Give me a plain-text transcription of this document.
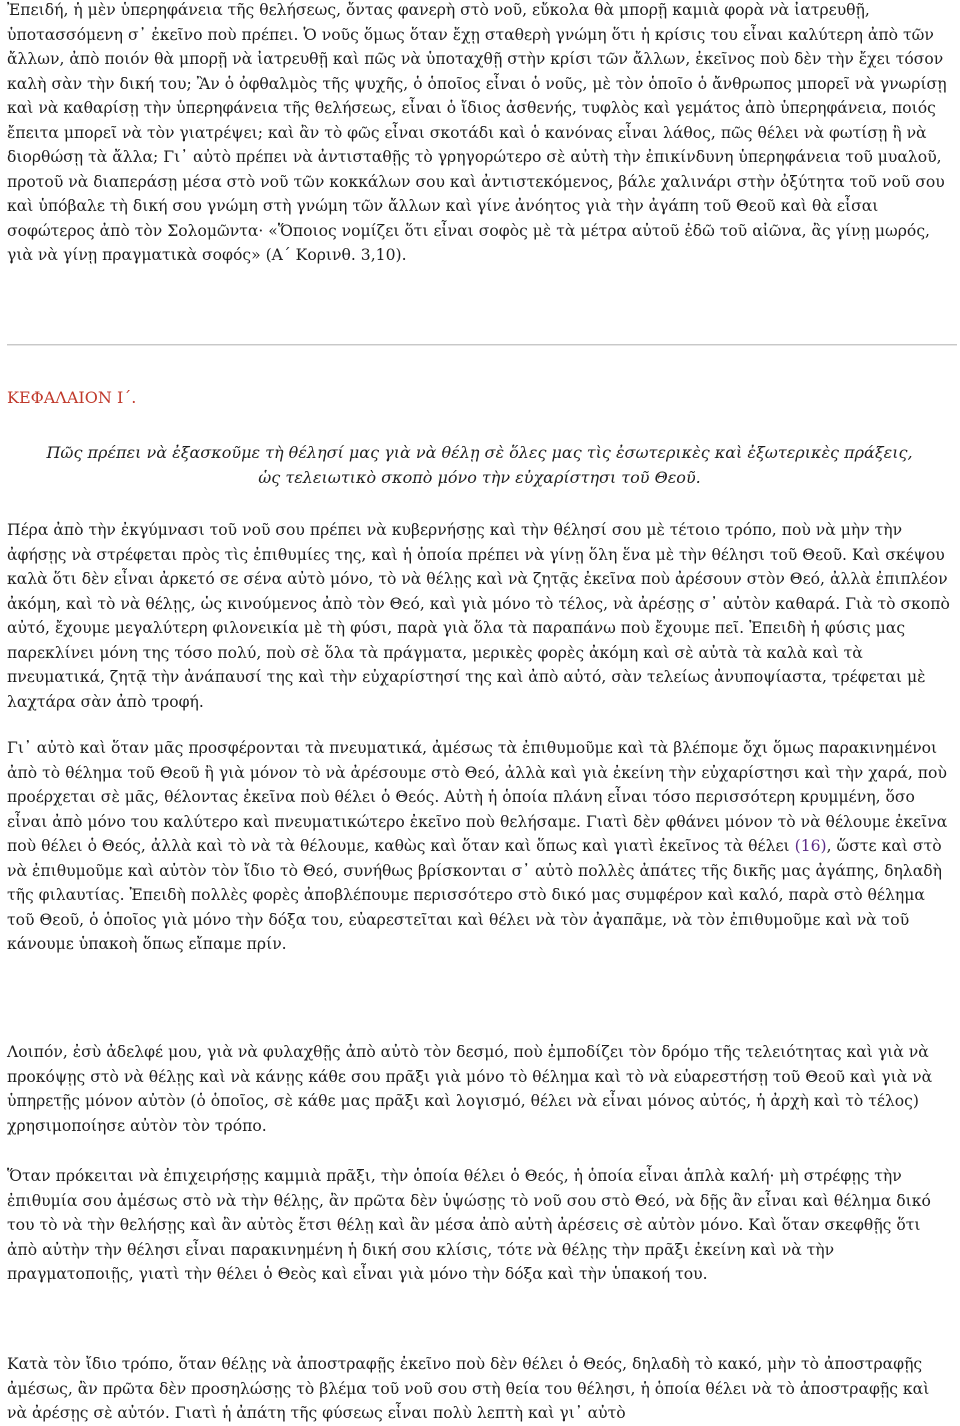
Ἐπειδή, ἡ μὲν ὑπερηφάνεια τῆς θελήσεως, ὄντας φανερὴ στὸ νοῦ, εὔκολα θὰ μπορῇ καμιὰ φορὰ νὰ ἰατρευθῇ, ὑποτασσόμενη σ᾽ ἐκεῖνο ποὺ πρέπει. Ὁ νοῦς ὅμως ὅταν ἔχῃ σταθερὴ γνώμη ὅτι ἡ κρίσις του εἶναι καλύτερη ἀπὸ τῶν ἄλλων, ἀπὸ ποιόν θὰ μπορῇ νὰ ἰατρευθῇ καὶ πῶς νὰ ὑποταχθῇ στὴν κρίσι τῶν ἄλλων, ἐκεῖνος ποὺ δὲν τὴν ἔχει τόσον καλὴ σὰν τὴν δική του; Ἂν ὁ ὀφθαλμὸς τῆς ψυχῆς, ὁ ὁποῖος εἶναι ὁ νοῦς, μὲ τὸν ὁποῖο ὁ ἄνθρωπος μπορεῖ νὰ γνωρίσῃ καὶ νὰ καθαρίσῃ τὴν ὑπερηφάνεια τῆς θελήσεως, εἶναι ὁ ἴδιος ἀσθενής, τυφλὸς καὶ γεμάτος ἀπὸ ὑπερηφάνεια, ποιός ἔπειτα μπορεῖ νὰ τὸν γιατρέψει; καὶ ἂν τὸ φῶς εἶναι σκοτάδι καὶ ὁ κανόνας εἶναι λάθος, πῶς θέλει νὰ φωτίσῃ ἢ νὰ διορθώσῃ τὰ ἄλλα; Γι᾽ αὐτὸ πρέπει νὰ ἀντισταθῇς τὸ γρηγορώτερο σὲ αὐτὴ τὴν ἐπικίνδυνη ὑπερηφάνεια τοῦ μυαλοῦ, προτοῦ νὰ διαπεράσῃ μέσα στὸ νοῦ τῶν κοκκάλων σου καὶ ἀντιστεκόμενος, βάλε χαλινάρι στὴν ὀξύτητα τοῦ νοῦ σου καὶ ὑπόβαλε τὴ δική σου γνώμη στὴ γνώμη τῶν ἄλλων καὶ γίνε ἀνόητος γιὰ τὴν ἀγάπη τοῦ Θεοῦ καὶ θὰ εἶσαι σοφώτερος ἀπὸ τὸν Σολομῶντα· «Ὅποιος νομίζει ὅτι εἶναι σοφὸς μὲ τὰ μέτρα αὐτοῦ ἐδῶ τοῦ αἰῶνα, ἂς γίνῃ μωρός, γιὰ νὰ γίνῃ πραγματικὰ σοφός» (Α΄ Κορινθ. 3,10).

ΚΕΦΑΛΑΙΟΝ Ι΄.

Πῶς πρέπει νὰ ἐξασκοῦμε τὴ θέλησί μας γιὰ νὰ θέλῃ σὲ ὅλες μας τὶς ἐσωτερικὲς καὶ ἐξωτερικὲς πράξεις,
ὡς τελειωτικὸ σκοπὸ μόνο τὴν εὐχαρίστησι τοῦ Θεοῦ.

Πέρα ἀπὸ τὴν ἐκγύμνασι τοῦ νοῦ σου πρέπει νὰ κυβερνήσῃς καὶ τὴν θέλησί σου μὲ τέτοιο τρόπο, ποὺ νὰ μὴν τὴν ἀφήσῃς νὰ στρέφεται πρὸς τὶς ἐπιθυμίες της, καὶ ἡ ὁποία πρέπει νὰ γίνῃ ὅλη ἕνα μὲ τὴν θέλησι τοῦ Θεοῦ. Καὶ σκέψου καλὰ ὅτι δὲν εἶναι ἀρκετό σε σένα αὐτὸ μόνο, τὸ νὰ θέλῃς καὶ νὰ ζητᾷς ἐκεῖνα ποὺ ἀρέσουν στὸν Θεό, ἀλλὰ ἐπιπλέον ἀκόμη, καὶ τὸ νὰ θέλῃς, ὡς κινούμενος ἀπὸ τὸν Θεό, καὶ γιὰ μόνο τὸ τέλος, νὰ ἀρέσῃς σ᾽ αὐτὸν καθαρά. Γιὰ τὸ σκοπὸ αὐτό, ἔχουμε μεγαλύτερη φιλονεικία μὲ τὴ φύσι, παρὰ γιὰ ὅλα τὰ παραπάνω ποὺ ἔχουμε πεῖ. Ἐπειδὴ ἡ φύσις μας παρεκλίνει μόνη της τόσο πολύ, ποὺ σὲ ὅλα τὰ πράγματα, μερικὲς φορὲς ἀκόμη καὶ σὲ αὐτὰ τὰ καλὰ καὶ τὰ πνευματικά, ζητᾷ τὴν ἀνάπαυσί της καὶ τὴν εὐχαρίστησί της καὶ ἀπὸ αὐτό, σὰν τελείως ἀνυποψίαστα, τρέφεται μὲ λαχτάρα σὰν ἀπὸ τροφή.

Γι᾽ αὐτὸ καὶ ὅταν μᾶς προσφέρονται τὰ πνευματικά, ἀμέσως τὰ ἐπιθυμοῦμε καὶ τὰ βλέπομε ὄχι ὅμως παρακινημένοι ἀπὸ τὸ θέλημα τοῦ Θεοῦ ἢ γιὰ μόνον τὸ νὰ ἀρέσουμε στὸ Θεό, ἀλλὰ καὶ γιὰ ἐκείνη τὴν εὐχαρίστησι καὶ τὴν χαρά, ποὺ προέρχεται σὲ μᾶς, θέλοντας ἐκεῖνα ποὺ θέλει ὁ Θεός. Αὐτὴ ἡ ὁποία πλάνη εἶναι τόσο περισσότερη κρυμμένη, ὅσο εἶναι ἀπὸ μόνο του καλύτερο καὶ πνευματικώτερο ἐκεῖνο ποὺ θελήσαμε. Γιατὶ δὲν φθάνει μόνον τὸ νὰ θέλουμε ἐκεῖνα ποὺ θέλει ὁ Θεός, ἀλλὰ καὶ τὸ νὰ τὰ θέλουμε, καθὼς καὶ ὅταν καὶ ὅπως καὶ γιατὶ ἐκεῖνος τὰ θέλει (16), ὥστε καὶ στὸ νὰ ἐπιθυμοῦμε καὶ αὐτὸν τὸν ἴδιο τὸ Θεό, συνήθως βρίσκονται σ᾽ αὐτὸ πολλὲς ἀπάτες τῆς δικῆς μας ἀγάπης, δηλαδὴ τῆς φιλαυτίας. Ἐπειδὴ πολλὲς φορὲς ἀποβλέπουμε περισσότερο στὸ δικό μας συμφέρον καὶ καλό, παρὰ στὸ θέλημα τοῦ Θεοῦ, ὁ ὁποῖος γιὰ μόνο τὴν δόξα του, εὐαρεστεῖται καὶ θέλει νὰ τὸν ἀγαπᾶμε, νὰ τὸν ἐπιθυμοῦμε καὶ νὰ τοῦ κάνουμε ὑπακοὴ ὅπως εἴπαμε πρίν.

Λοιπόν, ἐσὺ ἀδελφέ μου, γιὰ νὰ φυλαχθῇς ἀπὸ αὐτὸ τὸν δεσμό, ποὺ ἐμποδίζει τὸν δρόμο τῆς τελειότητας καὶ γιὰ νὰ προκόψῃς στὸ νὰ θέλῃς καὶ νὰ κάνῃς κάθε σου πρᾶξι γιὰ μόνο τὸ θέλημα καὶ τὸ νὰ εὐαρεστήσῃ τοῦ Θεοῦ καὶ γιὰ νὰ ὑπηρετῇς μόνον αὐτὸν (ὁ ὁποῖος, σὲ κάθε μας πρᾶξι καὶ λογισμό, θέλει νὰ εἶναι μόνος αὐτός, ἡ ἀρχὴ καὶ τὸ τέλος) χρησιμοποίησε αὐτὸν τὸν τρόπο.

Ὅταν πρόκειται νὰ ἐπιχειρήσῃς καμμιὰ πρᾶξι, τὴν ὁποία θέλει ὁ Θεός, ἡ ὁποία εἶναι ἁπλὰ καλή· μὴ στρέφῃς τὴν ἐπιθυμία σου ἀμέσως στὸ νὰ τὴν θέλῃς, ἂν πρῶτα δὲν ὑψώσῃς τὸ νοῦ σου στὸ Θεό, νὰ δῇς ἂν εἶναι καὶ θέλημα δικό του τὸ νὰ τὴν θελήσῃς καὶ ἂν αὐτὸς ἔτσι θέλῃ καὶ ἂν μέσα ἀπὸ αὐτὴ ἀρέσεις σὲ αὐτὸν μόνο. Καὶ ὅταν σκεφθῇς ὅτι ἀπὸ αὐτὴν τὴν θέλησι εἶναι παρακινημένη ἡ δική σου κλίσις, τότε νὰ θέλῃς τὴν πρᾶξι ἐκείνη καὶ νὰ τὴν πραγματοποιῇς, γιατὶ τὴν θέλει ὁ Θεὸς καὶ εἶναι γιὰ μόνο τὴν δόξα καὶ τὴν ὑπακοή του.

Κατὰ τὸν ἴδιο τρόπο, ὅταν θέλῃς νὰ ἀποστραφῇς ἐκεῖνο ποὺ δὲν θέλει ὁ Θεός, δηλαδὴ τὸ κακό, μὴν τὸ ἀποστραφῇς ἀμέσως, ἂν πρῶτα δὲν προσηλώσῃς τὸ βλέμα τοῦ νοῦ σου στὴ θεία του θέλησι, ἡ ὁποία θέλει νὰ τὸ ἀποστραφῇς καὶ νὰ ἀρέσῃς σὲ αὐτόν. Γιατὶ ἡ ἀπάτη τῆς φύσεως εἶναι πολὺ λεπτὴ καὶ γι᾽ αὐτὸ
